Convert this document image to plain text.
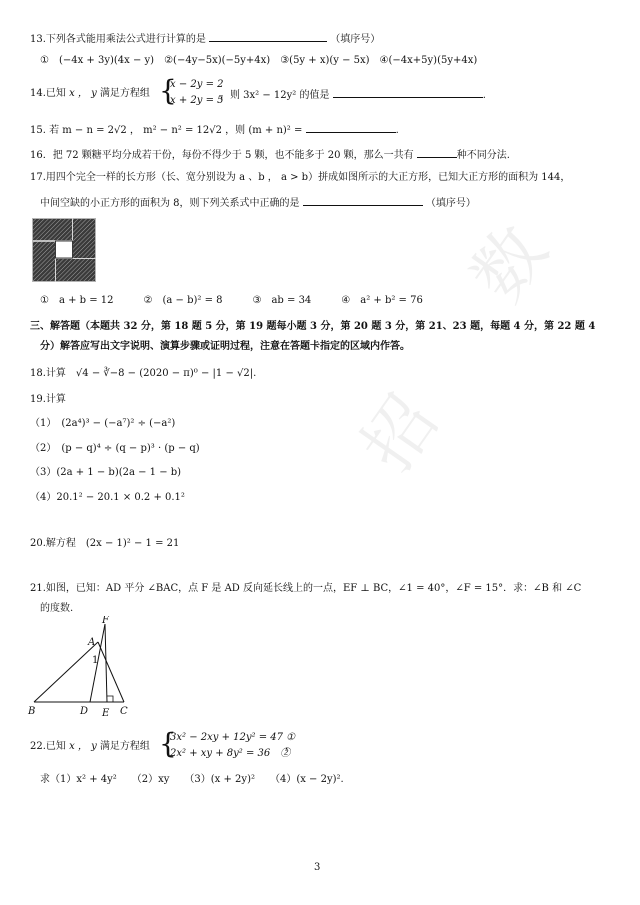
数
招
13.下列各式能用乘法公式进行计算的是	（填序号）
①　(−4x + 3y)(4x − y)　②(−4y−5x)(−5y+4x)　③(5y + x)(y − 5x)　④(−4x+5y)(5y+4x)
14.已知 x ， y 满足方程组 {
x − 2y = 2
x + 2y = 5
，则 3x² − 12y² 的值是	.
15. 若 m − n = 2√2 ， m² − n² = 12√2 ，则 (m + n)² =	.
16．把 72 颗糖平均分成若干份，每份不得少于 5 颗，也不能多于 20 颗，那么一共有	种不同分法.
17.用四个完全一样的长方形（长、宽分别设为 a 、b ， a > b）拼成如图所示的大正方形，已知大正方形的面积为 144，
中间空缺的小正方形的面积为 8，则下列关系式中正确的是	（填序号）
①　a + b = 12　　　②　(a − b)² = 8　　　③　ab = 34　　　④　a² + b² = 76
三、解答题（本题共 32 分，第 18 题 5 分，第 19 题每小题 3 分，第 20 题 3 分，第 21、23 题，每题 4 分，第 22 题 4
分）解答应写出文字说明、演算步骤或证明过程，注意在答题卡指定的区域内作答。
18.计算　√4 − ∛−8 − (2020 − π)⁰ − |1 − √2|.
19.计算
（1）　(2a⁴)³ − (−a⁷)² ÷ (−a²)
（2）　(p − q)⁴ ÷ (q − p)³ · (p − q)
（3）(2a + 1 − b)(2a − 1 − b)
（4）20.1² − 20.1 × 0.2 + 0.1²
20.解方程　(2x − 1)² − 1 = 21
21.如图，已知：AD 平分 ∠BAC，点 F 是 AD 反向延长线上的一点，EF ⊥ BC，∠1 = 40°，∠F = 15°．求：∠B 和 ∠C
的度数.
F
A
1
B	D E C
22.已知 x ， y 满足方程组 {
3x² − 2xy + 12y² = 47 ①
2x² + xy + 8y² = 36　②
，
求（1）x² + 4y²　　（2）xy　　（3）(x + 2y)²　　（4）(x − 2y)².
3
